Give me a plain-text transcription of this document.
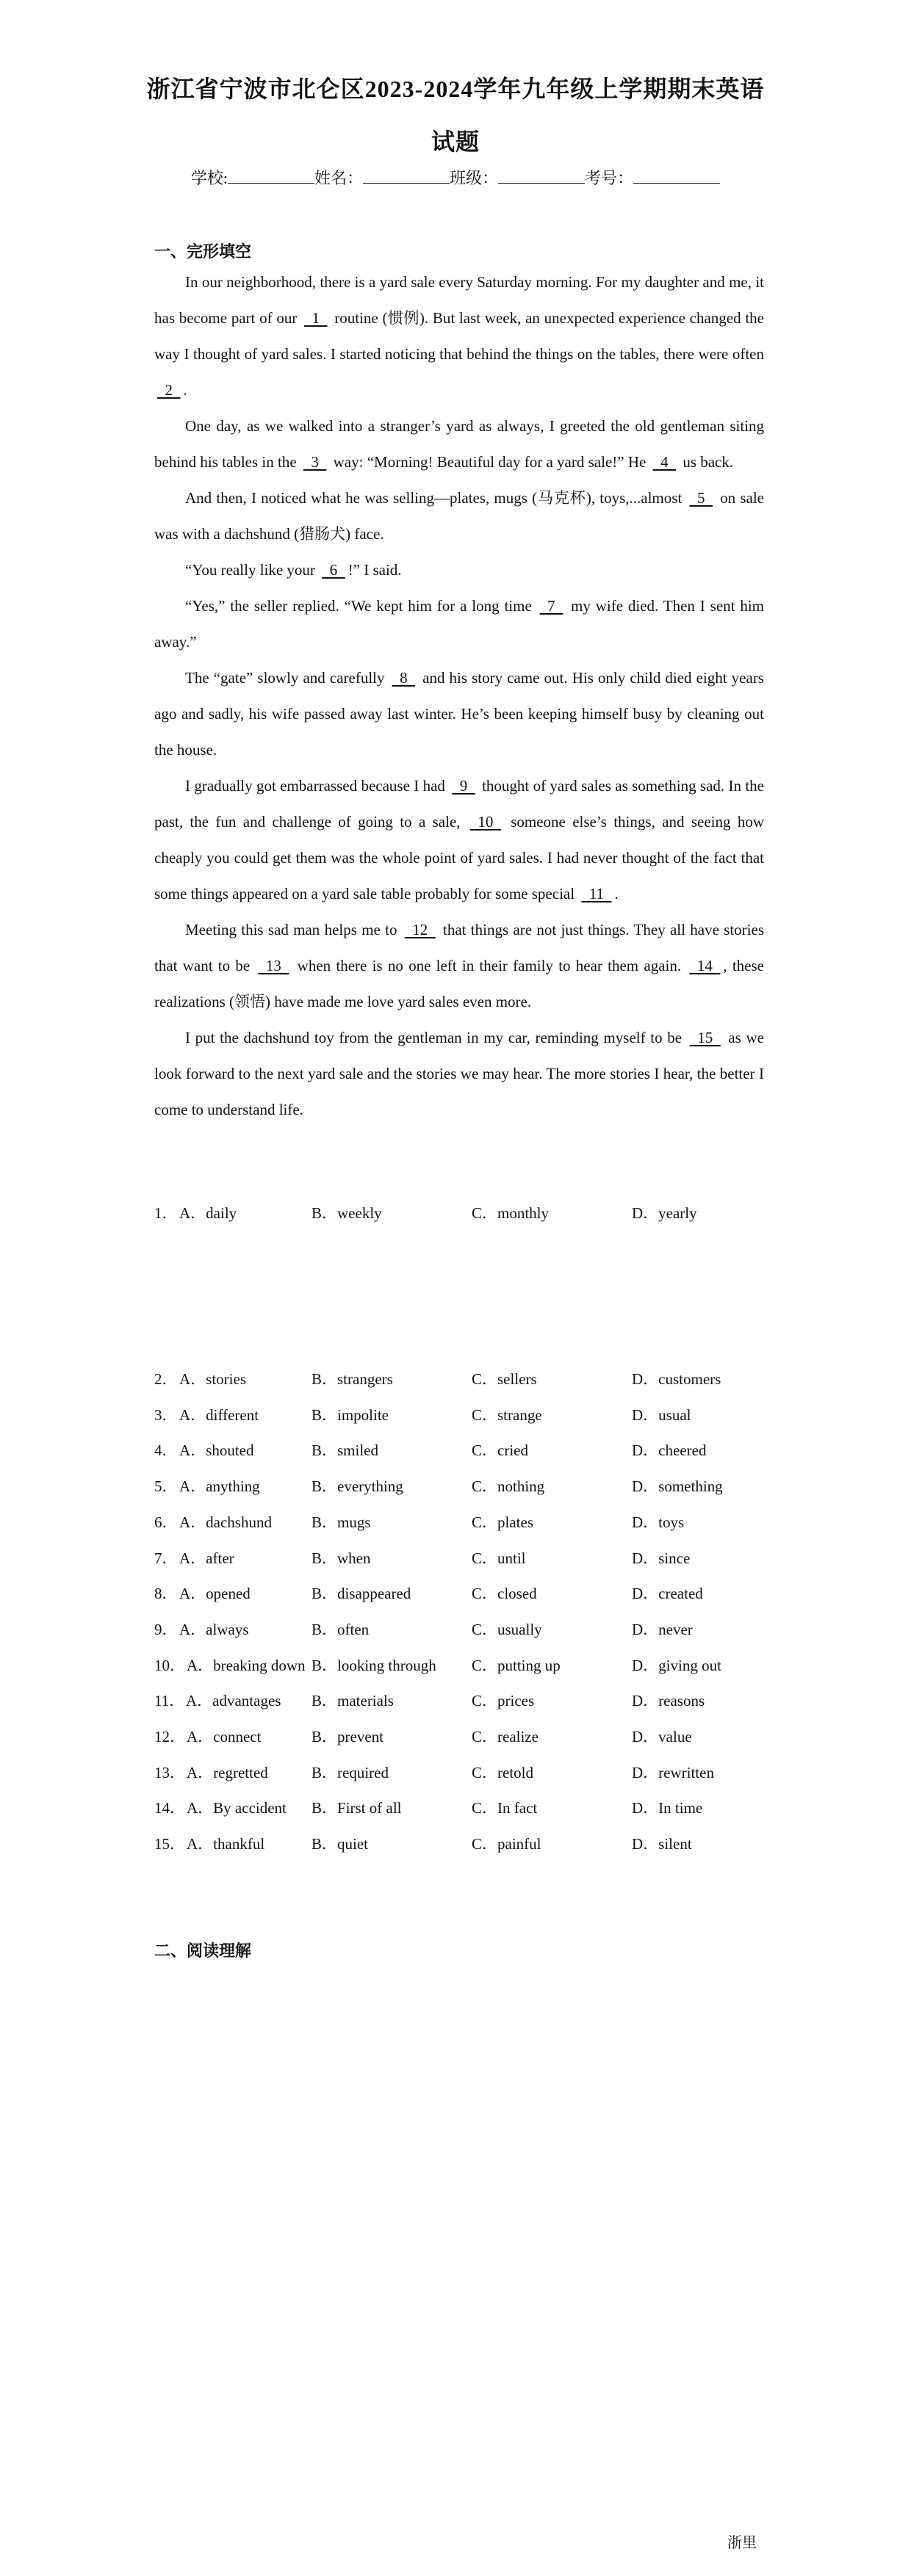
浙江省宁波市北仑区2023-2024学年九年级上学期期末英语
试题
学校:	姓名：	班级：	考号：
一、完形填空

In our neighborhood, there is a yard sale every Saturday morning. For my daughter and me, it has become part of our   1   routine (惯例). But last week, an unexpected experience changed the way I thought of yard sales. I started noticing that behind the things on the tables, there were often   2  .

One day, as we walked into a stranger’s yard as always, I greeted the old gentleman siting behind his tables in the   3   way: “Morning! Beautiful day for a yard sale!” He   4   us back.

And then, I noticed what he was selling—plates, mugs (马克杯), toys,...almost   5   on sale was with a dachshund (猎肠犬) face.

“You really like your   6  !” I said.

“Yes,” the seller replied. “We kept him for a long time   7   my wife died. Then I sent him away.”

The “gate” slowly and carefully   8   and his story came out. His only child died eight years ago and sadly, his wife passed away last winter. He’s been keeping himself busy by cleaning out the house.

I gradually got embarrassed because I had   9   thought of yard sales as something sad. In the past, the fun and challenge of going to a sale,   10   someone else’s things, and seeing how cheaply you could get them was the whole point of yard sales. I had never thought of the fact that some things appeared on a yard sale table probably for some special   11  .

Meeting this sad man helps me to   12   that things are not just things. They all have stories that want to be   13   when there is no one left in their family to hear them again.   14  , these realizations (领悟) have made me love yard sales even more.

I put the dachshund toy from the gentleman in my car, reminding myself to be   15   as we look forward to the next yard sale and the stories we may hear. The more stories I hear, the better I come to understand life.

1． A．daily	B．weekly	C．monthly	D．yearly
2． A．stories	B．strangers	C．sellers	D．customers
3． A．different	B．impolite	C．strange	D．usual
4． A．shouted	B．smiled	C．cried	D．cheered
5． A．anything	B．everything	C．nothing	D．something
6． A．dachshund	B．mugs	C．plates	D．toys
7． A．after	B．when	C．until	D．since
8． A．opened	B．disappeared	C．closed	D．created
9． A．always	B．often	C．usually	D．never
10． A．breaking down B．looking through C．putting up	D．giving out
11． A．advantages B．materials	C．prices	D．reasons
12． A．connect	B．prevent	C．realize	D．value
13． A．regretted	B．required	C．retold	D．rewritten
14． A．By accident B．First of all	C．In fact	D．In time
15． A．thankful	B．quiet	C．painful	D．silent
二、阅读理解
浙里
